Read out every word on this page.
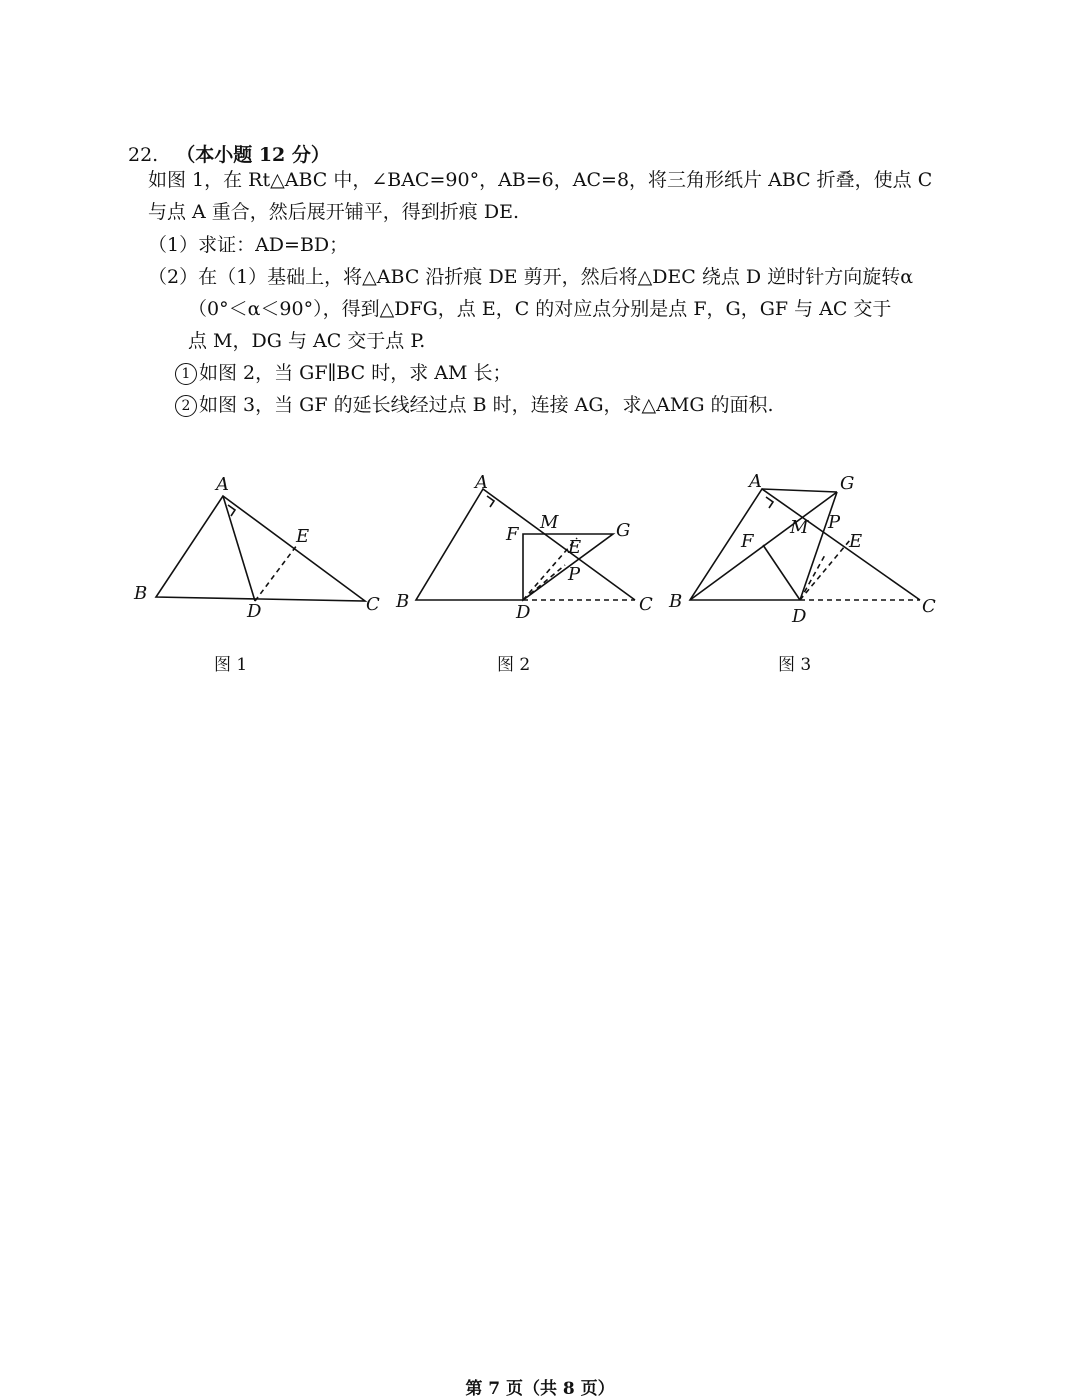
22. （本小题 12 分）
如图 1，在 Rt△ABC 中，∠BAC=90°，AB=6，AC=8，将三角形纸片 ABC 折叠，使点 C
与点 A 重合，然后展开铺平，得到折痕 DE.
（1）求证：AD=BD；
（2）在（1）基础上，将△ABC 沿折痕 DE 剪开，然后将△DEC 绕点 D 逆时针方向旋转α
（0°＜α＜90°），得到△DFG，点 E，C 的对应点分别是点 F，G，GF 与 AC 交于
点 M，DG 与 AC 交于点 P.
1 如图 2，当 GF∥BC 时，求 AM 长；
2 如图 3，当 GF 的延长线经过点 B 时，连接 AG，求△AMG 的面积.
A
B
C
D
E
A
B	C
D
E
F	G
M
P
A
B	C
D
E
F
G
M P
图 1	图 2	图 3
第 7 页（共 8 页）
